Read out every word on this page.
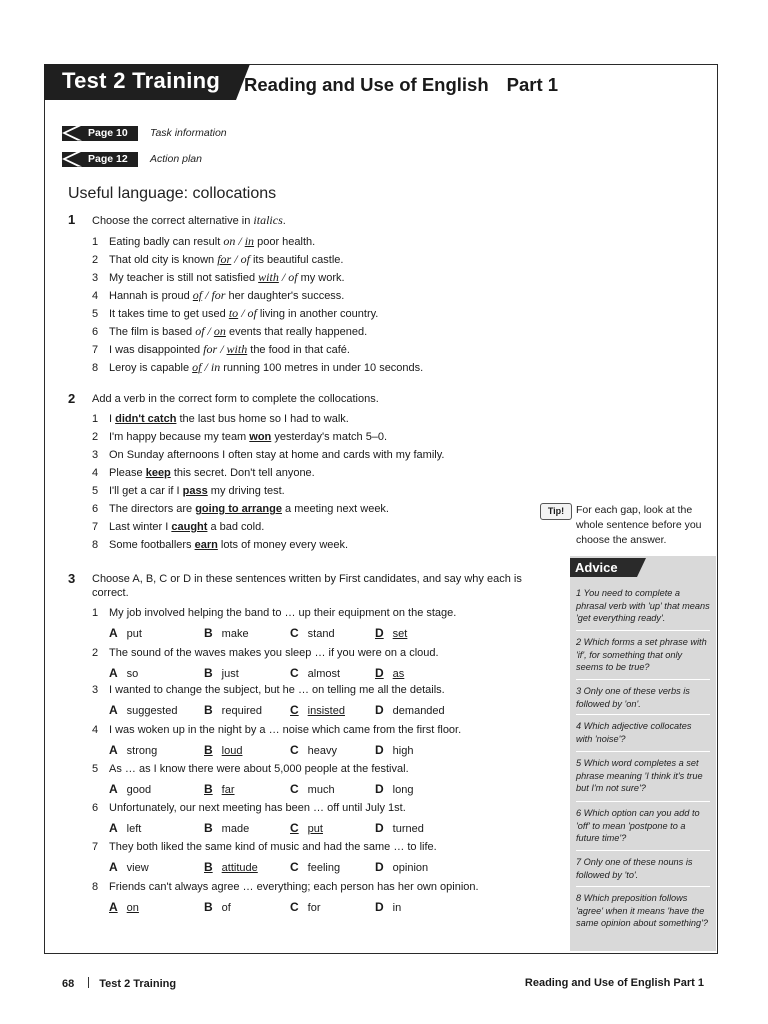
Test 2 Training	Reading and Use of English Part 1
Page 10	Task information
Page 12	Action plan
Useful language: collocations
1 Choose the correct alternative in italics.
1 Eating badly can result on / in poor health.
2 That old city is known for / of its beautiful castle.
3 My teacher is still not satisfied with / of my work.
4 Hannah is proud of / for her daughter's success.
5 It takes time to get used to / of living in another country.
6 The film is based of / on events that really happened.
7 I was disappointed for / with the food in that café.
8 Leroy is capable of / in running 100 metres in under 10 seconds.
2 Add a verb in the correct form to complete the collocations.
1 I didn't catch the last bus home so I had to walk.
2 I'm happy because my team won yesterday's match 5–0.
3 On Sunday afternoons I often stay at home and cards with my family.
4 Please keep this secret. Don't tell anyone.
5 I'll get a car if I pass my driving test.
6 The directors are going to arrange a meeting next week.
7 Last winter I caught a bad cold.
8 Some footballers earn lots of money every week.
3 Choose A, B, C or D in these sentences written by First candidates, and say why each is correct.
1 My job involved helping the band to … up their equipment on the stage.
A put	B make	C stand	D set
2 The sound of the waves makes you sleep … if you were on a cloud.
A so	B just	C almost	D as
3 I wanted to change the subject, but he … on telling me all the details.
A suggested B required C insisted	D demanded
4 I was woken up in the night by a … noise which came from the first floor.
A strong	B loud	C heavy	D high
5 As … as I know there were about 5,000 people at the festival.
A good	B far	C much	D long
6 Unfortunately, our next meeting has been … off until July 1st.
A left	B made	C put	D turned
7 They both liked the same kind of music and had the same … to life.
A view	B attitude	C feeling	D opinion
8 Friends can't always agree … everything; each person has her own opinion.
A on	B of	C for	D in
Tip!	For each gap, look at the whole sentence before you choose the answer.
Advice
1 You need to complete a phrasal verb with 'up' that means 'get everything ready'.
2 Which forms a set phrase with 'if', for something that only seems to be true?
3 Only one of these verbs is followed by 'on'.
4 Which adjective collocates with 'noise'?
5 Which word completes a set phrase meaning 'I think it's true but I'm not sure'?
6 Which option can you add to 'off' to mean 'postpone to a future time'?
7 Only one of these nouns is followed by 'to'.
8 Which preposition follows 'agree' when it means 'have the same opinion about something'?
68 Test 2 Training	Reading and Use of English Part 1
